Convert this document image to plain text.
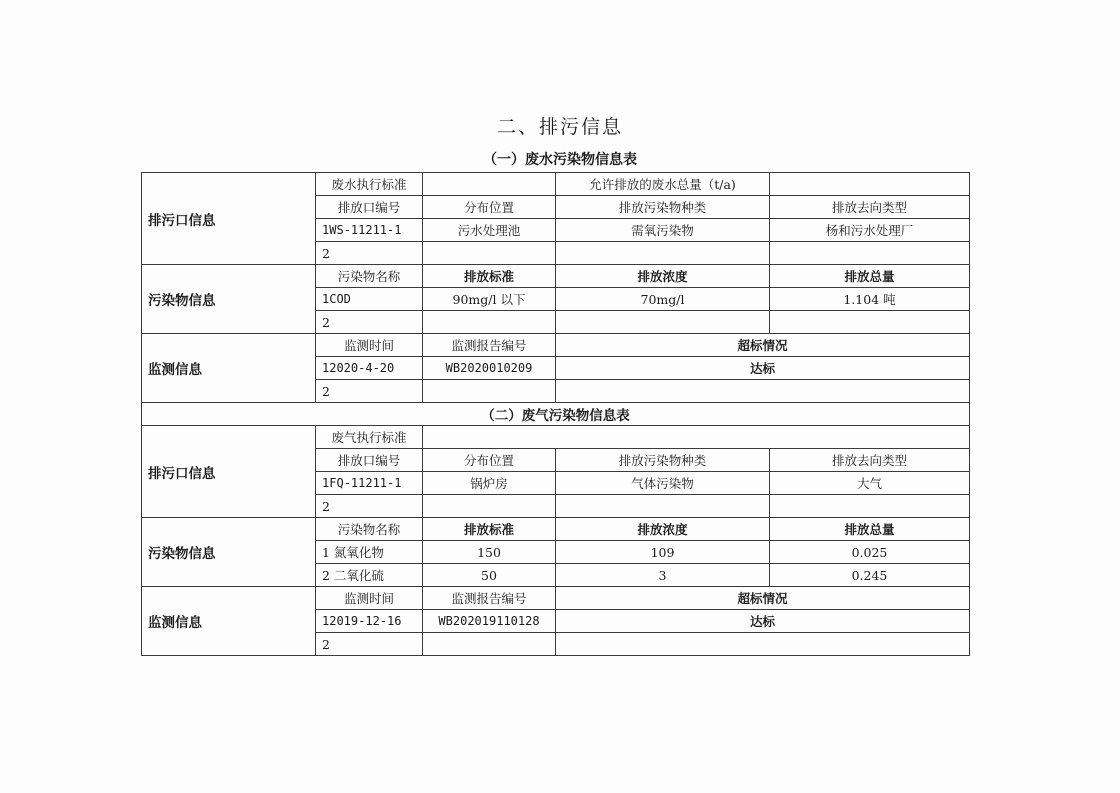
二、排污信息
（一）废水污染物信息表
排污口信息	废水执行标准		允许排放的废水总量（t/a)	
	排放口编号	分布位置	排放污染物种类	排放去向类型
	1WS-11211-1	污水处理池	需氧污染物	杨和污水处理厂
	2			
污染物信息	污染物名称	排放标准	排放浓度	排放总量
	1COD	90mg/l 以下	70mg/l	1.104 吨
	2			
监测信息	监测时间	监测报告编号	超标情况	
	12020-4-20	WB2020010209	达标	
	2			
（二）废气污染物信息表				
排污口信息	废气执行标准			
	排放口编号	分布位置	排放污染物种类	排放去向类型
	1FQ-11211-1	锅炉房	气体污染物	大气
	2			
污染物信息	污染物名称	排放标准	排放浓度	排放总量
	1 氮氧化物	150	109	0.025
	2 二氧化硫	50	3	0.245
监测信息	监测时间	监测报告编号	超标情况	
	12019-12-16	WB202019110128	达标	
	2			
